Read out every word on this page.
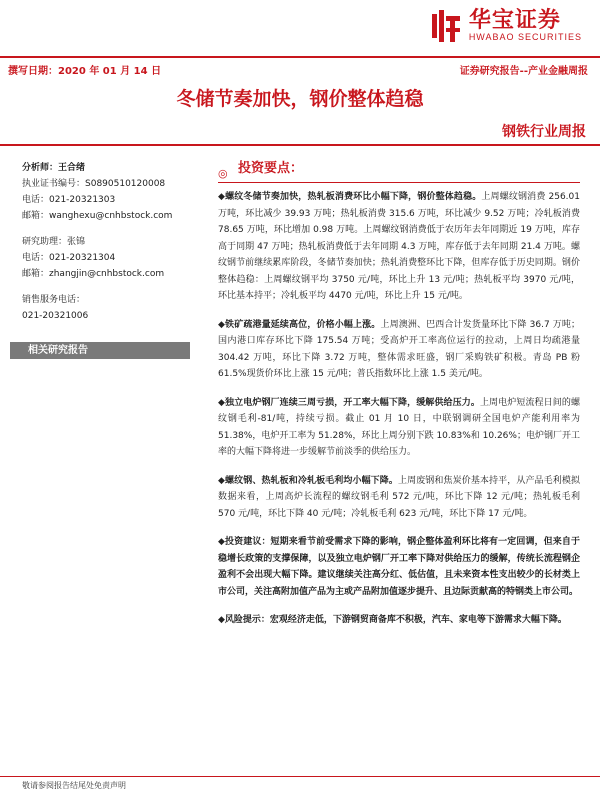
华宝证券
HWABAO SECURITIES
撰写日期：2020 年 01 月 14 日	证券研究报告--产业金融周报
冬储节奏加快，钢价整体趋稳
钢铁行业周报
分析师：王合绪
执业证书编号：S0890510120008
电话：021-20321303
邮箱：wanghexu@cnhbstock.com
研究助理：张锦
电话：021-20321304
邮箱：zhangjin@cnhbstock.com
销售服务电话：
021-20321006
相关研究报告
◎ 投资要点：
◆螺纹冬储节奏加快，热轧板消费环比小幅下降，钢价整体趋稳。上周螺纹钢消费 256.01 万吨，环比减少 39.93 万吨；热轧板消费 315.6 万吨，环比减少 9.52 万吨；冷轧板消费 78.65 万吨，环比增加 0.98 万吨。上周螺纹钢消费低于农历年去年同期近 19 万吨，库存高于同期 47 万吨；热轧板消费低于去年同期 4.3 万吨，库存低于去年同期 21.4 万吨。螺纹钢节前继续累库阶段，冬储节奏加快；热轧消费整环比下降，但库存低于历史同期。钢价整体趋稳：上周螺纹钢平均 3750 元/吨，环比上升 13 元/吨；热轧板平均 3970 元/吨，环比基本持平；冷轧板平均 4470 元/吨，环比上升 15 元/吨。
◆铁矿疏港量延续高位，价格小幅上涨。上周澳洲、巴西合计发货量环比下降 36.7 万吨；国内港口库存环比下降 175.54 万吨；受高炉开工率高位运行的拉动，上周日均疏港量 304.42 万吨，环比下降 3.72 万吨，整体需求旺盛，钢厂采购铁矿积极。青岛 PB 粉 61.5%现货价环比上涨 15 元/吨；普氏指数环比上涨 1.5 美元/吨。
◆独立电炉钢厂连续三周亏损，开工率大幅下降，缓解供给压力。上周电炉短流程日间的螺纹钢毛利-81/吨，持续亏损。截止 01 月 10 日，中联钢调研全国电炉产能利用率为 51.38%，电炉开工率为 51.28%，环比上周分别下跌 10.83%和 10.26%；电炉钢厂开工率的大幅下降将进一步缓解节前淡季的供给压力。
◆螺纹钢、热轧板和冷轧板毛利均小幅下降。上周废钢和焦炭价基本持平，从产品毛利模拟数据来看，上周高炉长流程的螺纹钢毛利 572 元/吨，环比下降 12 元/吨；热轧板毛利 570 元/吨，环比下降 40 元/吨；冷轧板毛利 623 元/吨，环比下降 17 元/吨。
◆投资建议：短期来看节前受需求下降的影响，钢企整体盈利环比将有一定回调，但来自于稳增长政策的支撑保障，以及独立电炉钢厂开工率下降对供给压力的缓解，传统长流程钢企盈利不会出现大幅下降。建议继续关注高分红、低估值，且未来资本性支出较少的长材类上市公司，关注高附加值产品为主或产品附加值逐步提升、且边际贡献高的特钢类上市公司。
◆风险提示：宏观经济走低，下游钢贸商备库不积极，汽车、家电等下游需求大幅下降。
敬请参阅报告结尾处免责声明
